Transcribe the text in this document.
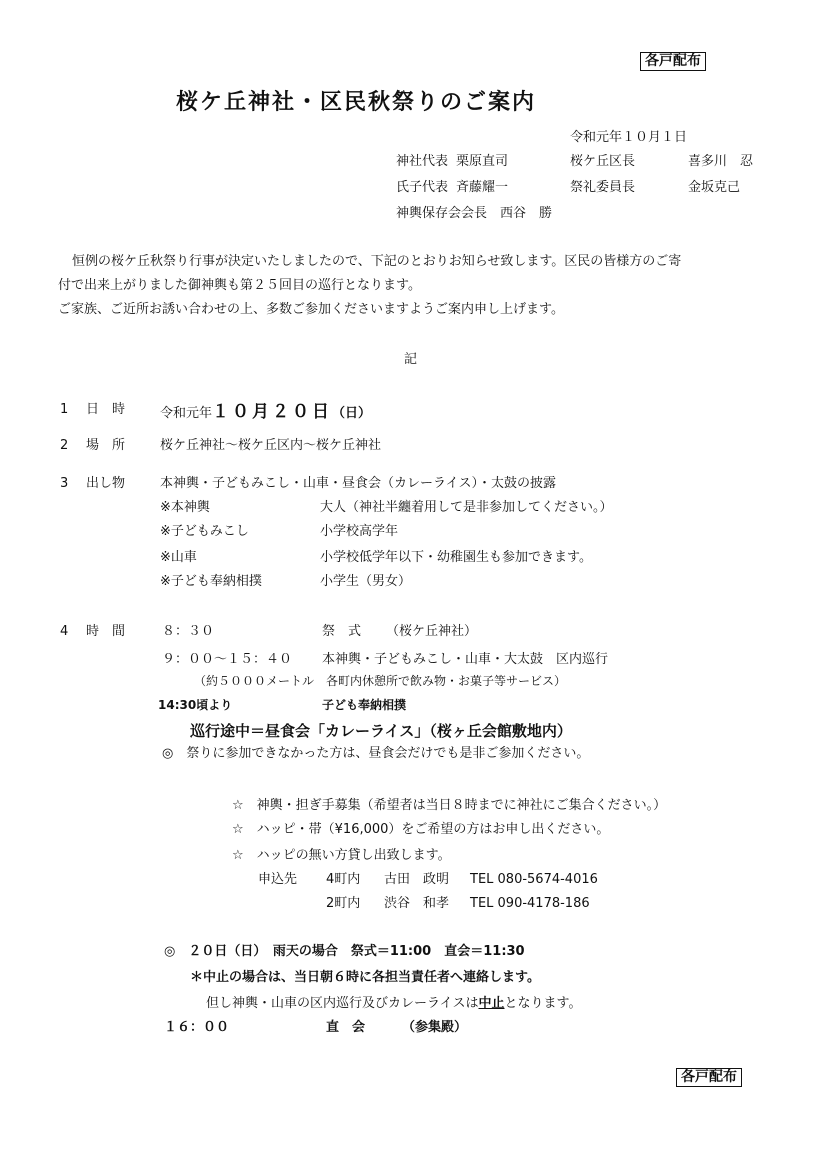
各戸配布
桜ケ丘神社・区民秋祭りのご案内
令和元年１０月１日
神社代表 栗原直司	桜ケ丘区長	喜多川　忍
氏子代表 斉藤耀一	祭礼委員長	金坂克己
神輿保存会会長 西谷　勝
恒例の桜ケ丘秋祭り行事が決定いたしましたので、下記のとおりお知らせ致します。区民の皆様方のご寄
付で出来上がりました御神輿も第２５回目の巡行となります。
ご家族、ご近所お誘い合わせの上、多数ご参加くださいますようご案内申し上げます。
記
1 日　時	令和元年１０月２０日（日）
2 場　所	桜ケ丘神社～桜ケ丘区内～桜ケ丘神社
3 出し物	本神輿・子どもみこし・山車・昼食会（カレーライス）・太鼓の披露
※本神輿	大人（神社半纏着用して是非参加してください。）
※子どもみこし	小学校高学年
※山車	小学校低学年以下・幼稚園生も参加できます。
※子ども奉納相撲	小学生（男女）
4 時　間	８：３０	祭　式 （桜ケ丘神社）
９：００～１５：４０ 本神輿・子どもみこし・山車・大太鼓　区内巡行
（約５０００メートル　各町内休憩所で飲み物・お菓子等サービス）
14:30頃より	子ども奉納相撲
巡行途中＝昼食会「カレーライス」（桜ヶ丘会館敷地内）
◎　祭りに参加できなかった方は、昼食会だけでも是非ご参加ください。
☆　神輿・担ぎ手募集（希望者は当日８時までに神社にご集合ください。）
☆　ハッピ・帯（¥16,000）をご希望の方はお申し出ください。
☆　ハッピの無い方貸し出致します。
申込先 4町内 古田　政明 TEL 080-5674-4016
2町内 渋谷　和孝 TEL 090-4178-186
◎　２０日（日）　雨天の場合　祭式＝11:00　直会＝11:30
＊中止の場合は、当日朝６時に各担当責任者へ連絡します。
但し神輿・山車の区内巡行及びカレーライスは中止となります。
１６：００	直　会	（参集殿）
各戸配布
